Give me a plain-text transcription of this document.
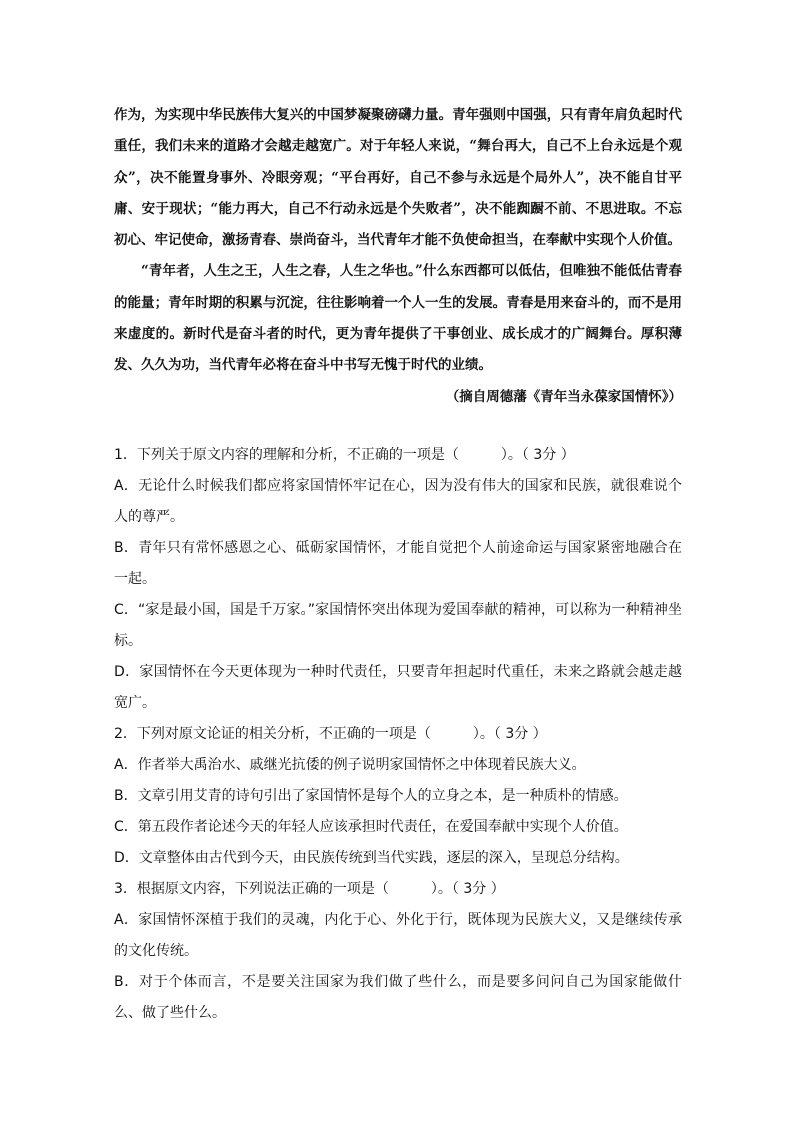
作为，为实现中华民族伟大复兴的中国梦凝聚磅礴力量。青年强则中国强，只有青年肩负起时代重任，我们未来的道路才会越走越宽广。对于年轻人来说，“舞台再大，自己不上台永远是个观众”，决不能置身事外、冷眼旁观；“平台再好，自己不参与永远是个局外人”，决不能自甘平庸、安于现状；“能力再大，自己不行动永远是个失败者”，决不能踟蹰不前、不思进取。不忘初心、牢记使命，激扬青春、崇尚奋斗，当代青年才能不负使命担当，在奉献中实现个人价值。

“青年者，人生之王，人生之春，人生之华也。”什么东西都可以低估，但唯独不能低估青春的能量；青年时期的积累与沉淀，往往影响着一个人一生的发展。青春是用来奋斗的，而不是用来虚度的。新时代是奋斗者的时代，更为青年提供了干事创业、成长成才的广阔舞台。厚积薄发、久久为功，当代青年必将在奋斗中书写无愧于时代的业绩。

（摘自周德藩《青年当永葆家国情怀》）

1．下列关于原文内容的理解和分析，不正确的一项是（　　　）。（ 3分 ）

A．无论什么时候我们都应将家国情怀牢记在心，因为没有伟大的国家和民族，就很难说个人的尊严。

B．青年只有常怀感恩之心、砥砺家国情怀，才能自觉把个人前途命运与国家紧密地融合在一起。

C．“家是最小国，国是千万家。”家国情怀突出体现为爱国奉献的精神，可以称为一种精神坐标。

D．家国情怀在今天更体现为一种时代责任，只要青年担起时代重任，未来之路就会越走越宽广。

2．下列对原文论证的相关分析，不正确的一项是（　　　）。（ 3分 ）

A．作者举大禹治水、戚继光抗倭的例子说明家国情怀之中体现着民族大义。

B．文章引用艾青的诗句引出了家国情怀是每个人的立身之本，是一种质朴的情感。

C．第五段作者论述今天的年轻人应该承担时代责任，在爱国奉献中实现个人价值。

D．文章整体由古代到今天，由民族传统到当代实践，逐层的深入，呈现总分结构。

3．根据原文内容，下列说法正确的一项是（　　　）。（ 3分 ）

A．家国情怀深植于我们的灵魂，内化于心、外化于行，既体现为民族大义，又是继续传承的文化传统。

B．对于个体而言，不是要关注国家为我们做了些什么，而是要多问问自己为国家能做什么、做了些什么。
